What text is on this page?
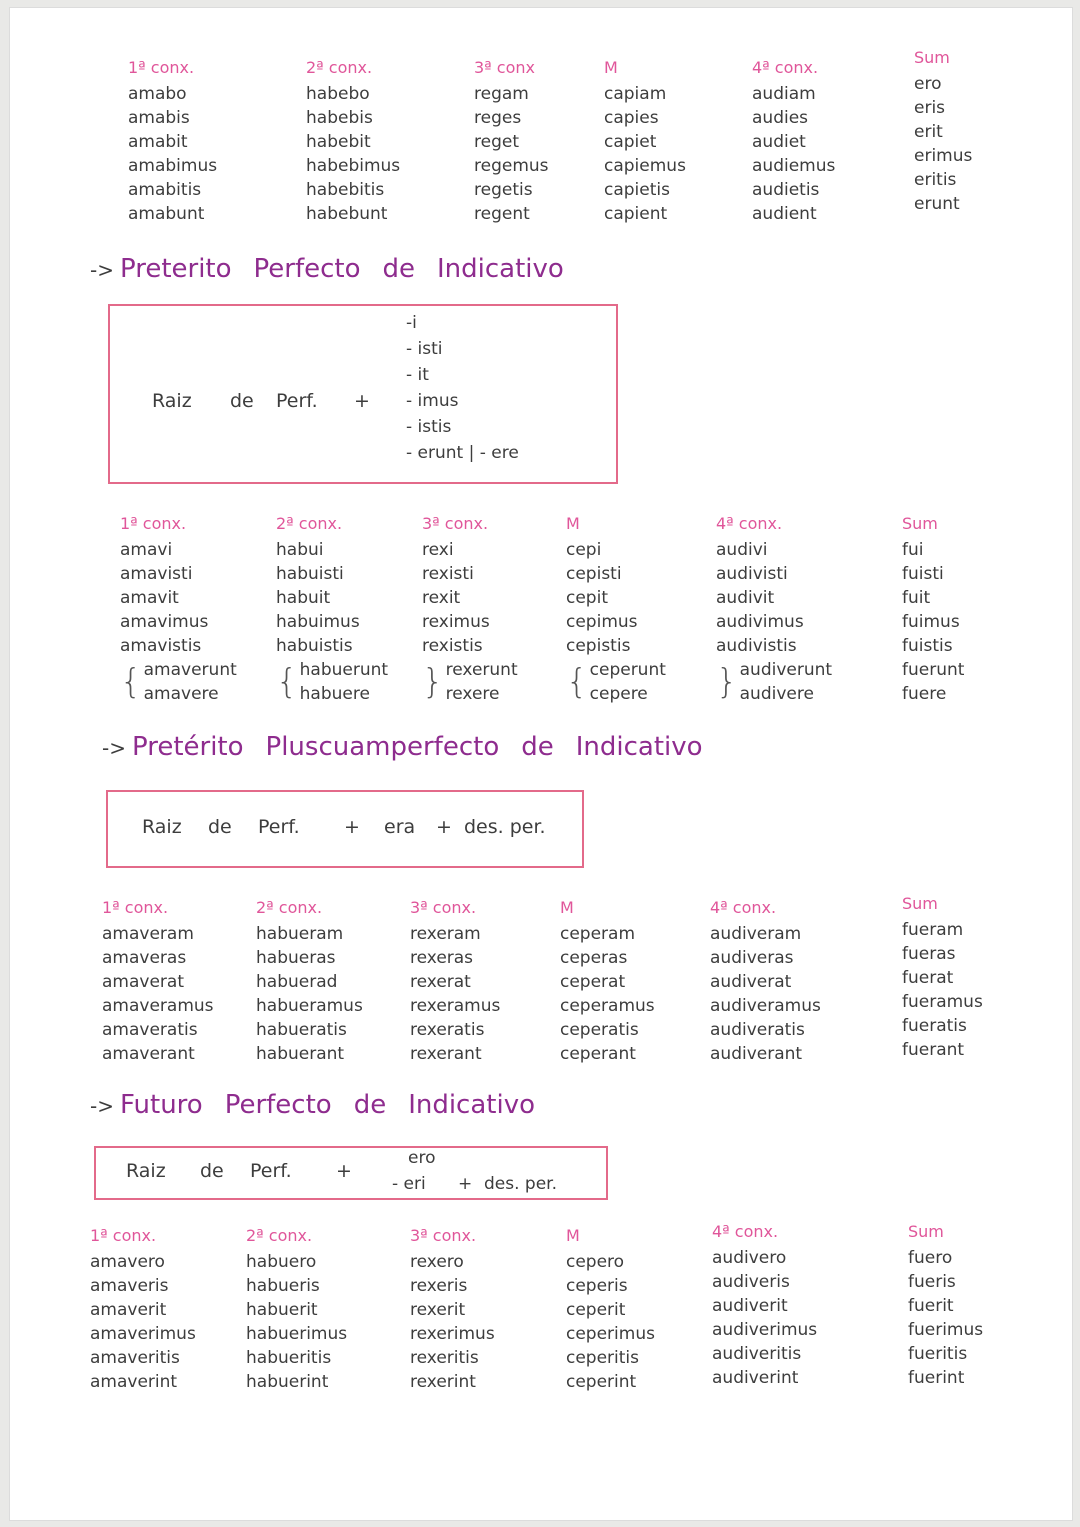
1ª conx.
amabo
amabis
amabit
amabimus
amabitis
amabunt
2ª conx.
habebo
habebis
habebit
habebimus
habebitis
habebunt
3ª conx
regam
reges
reget
regemus
regetis
regent
M
capiam
capies
capiet
capiemus
capietis
capient
4ª conx.
audiam
audies
audiet
audiemus
audietis
audient
Sum
ero
eris
erit
erimus
eritis
erunt
-> Preterito Perfecto de Indicativo
Raiz de Perf. +
-i
- isti
- it
- imus
- istis
- erunt | - ere
1ª conx.
amavi
amavisti
amavit
amavimus
amavistis
{ amaverunt
amavere
2ª conx.
habui
habuisti
habuit
habuimus
habuistis
{ habuerunt
habuere
3ª conx.
rexi
rexisti
rexit
reximus
rexistis
} rexerunt
rexere
M
cepi
cepisti
cepit
cepimus
cepistis
{ ceperunt
cepere
4ª conx.
audivi
audivisti
audivit
audivimus
audivistis
} audiverunt
audivere
Sum
fui
fuisti
fuit
fuimus
fuistis
fuerunt
fuere
-> Pretérito Pluscuamperfecto de Indicativo
Raiz de Perf. + era + des. per.
1ª conx.
amaveram
amaveras
amaverat
amaveramus
amaveratis
amaverant
2ª conx.
habueram
habueras
habuerad
habueramus
habueratis
habuerant
3ª conx.
rexeram
rexeras
rexerat
rexeramus
rexeratis
rexerant
M
ceperam
ceperas
ceperat
ceperamus
ceperatis
ceperant
4ª conx.
audiveram
audiveras
audiverat
audiveramus
audiveratis
audiverant
Sum
fueram
fueras
fuerat
fueramus
fueratis
fuerant
-> Futuro Perfecto de Indicativo
Raiz de Perf. +
ero
- eri + des. per.
1ª conx.
amavero
amaveris
amaverit
amaverimus
amaveritis
amaverint
2ª conx.
habuero
habueris
habuerit
habuerimus
habueritis
habuerint
3ª conx.
rexero
rexeris
rexerit
rexerimus
rexeritis
rexerint
M
cepero
ceperis
ceperit
ceperimus
ceperitis
ceperint
4ª conx.
audivero
audiveris
audiverit
audiverimus
audiveritis
audiverint
Sum
fuero
fueris
fuerit
fuerimus
fueritis
fuerint
